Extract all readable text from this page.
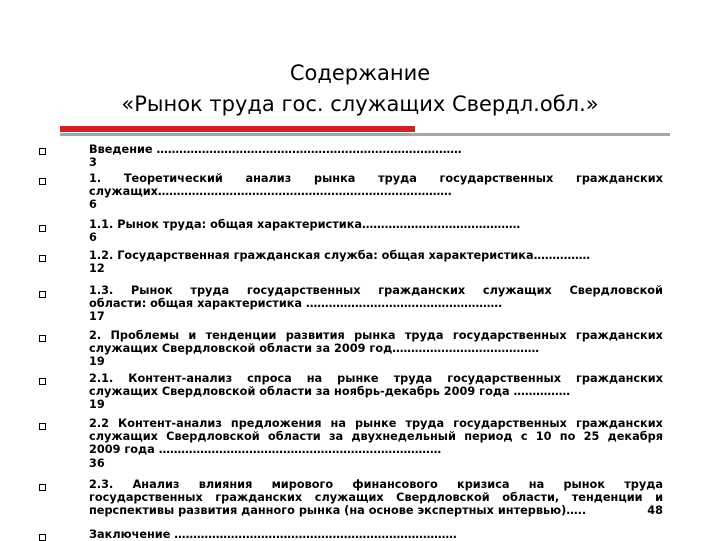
Содержание
«Рынок труда гос. служащих Свердл.обл.»
Введение ………………………………………………………………………
3
1. Теоретический анализ рынка труда государственных гражданских
служащих……………………………………………………………………
6
1.1. Рынок труда: общая характеристика……………………………………
6
1.2. Государственная гражданская служба: общая характеристика……………
12
1.3. Рынок труда государственных гражданских служащих Свердловской
области: общая характеристика …………………………………………….
17
2. Проблемы и тенденции развития рынка труда государственных гражданских
служащих Свердловской области за 2009 год…………………………………
19
2.1. Контент-анализ спроса на рынке труда государственных гражданских
служащих Свердловской области за ноябрь-декабрь 2009 года ……………
19
2.2 Контент-анализ предложения на рынке труда государственных гражданских
служащих Свердловской области за двухнедельный период с 10 по 25 декабря
2009 года …………………………………………………………………
36
2.3. Анализ влияния мирового финансового кризиса на рынок труда
государственных гражданских служащих Свердловской области, тенденции и
перспективы развития данного рынка (на основе экспертных интервью)…..	48
Заключение …………………………………………………………………
